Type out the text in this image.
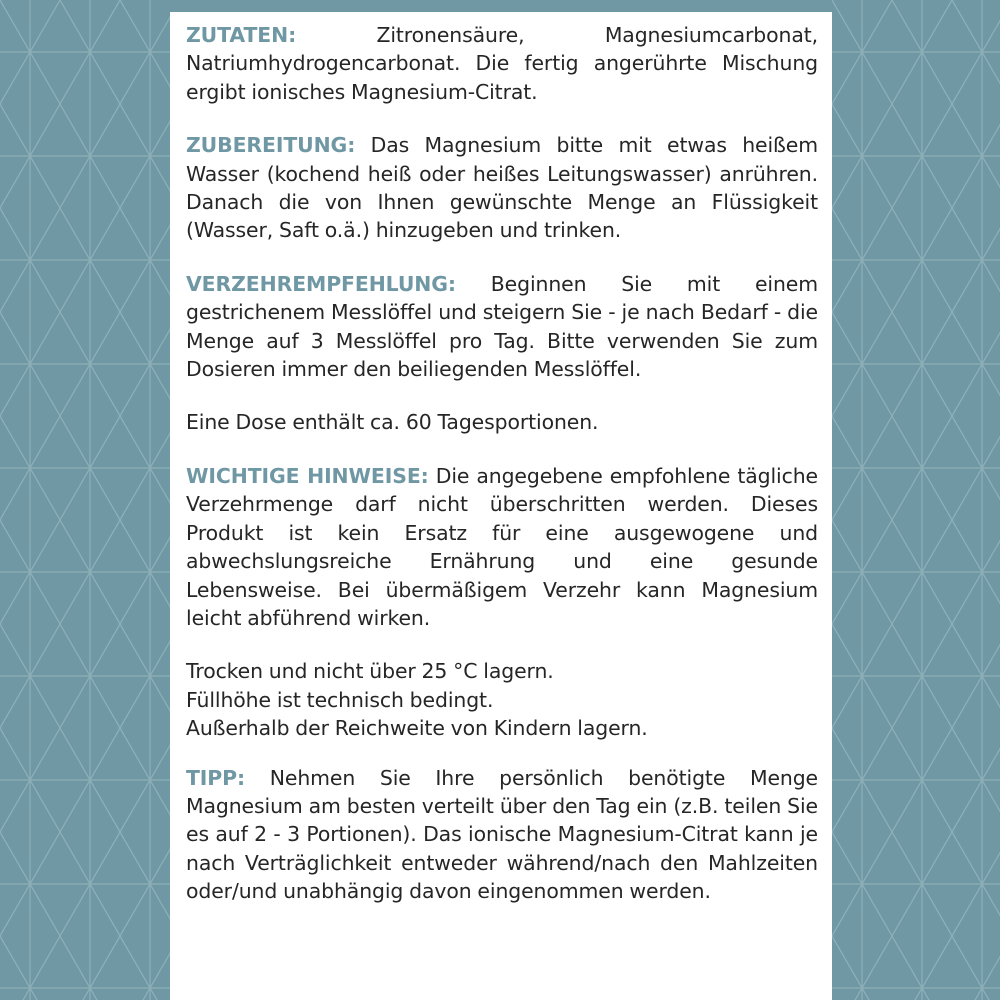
ZUTATEN: Zitronensäure, Magnesiumcarbonat, Natriumhydrogencarbonat. Die fertig angerührte Mischung ergibt ionisches Magnesium-Citrat.

ZUBEREITUNG: Das Magnesium bitte mit etwas heißem Wasser (kochend heiß oder heißes Leitungswasser) anrühren. Danach die von Ihnen gewünschte Menge an Flüssigkeit (Wasser, Saft o.ä.) hinzugeben und trinken.

VERZEHREMPFEHLUNG: Beginnen Sie mit einem gestrichenem Messlöffel und steigern Sie - je nach Bedarf - die Menge auf 3 Messlöffel pro Tag. Bitte verwenden Sie zum Dosieren immer den beiliegenden Messlöffel.

Eine Dose enthält ca. 60 Tagesportionen.

WICHTIGE HINWEISE: Die angegebene empfohlene tägliche Verzehrmenge darf nicht überschritten werden. Dieses Produkt ist kein Ersatz für eine ausgewogene und abwechslungsreiche Ernährung und eine gesunde Lebensweise. Bei übermäßigem Verzehr kann Magnesium leicht abführend wirken.

Trocken und nicht über 25 °C lagern.
Füllhöhe ist technisch bedingt.
Außerhalb der Reichweite von Kindern lagern.

TIPP: Nehmen Sie Ihre persönlich benötigte Menge Magnesium am besten verteilt über den Tag ein (z.B. teilen Sie es auf 2 - 3 Portionen). Das ionische Magnesium-Citrat kann je nach Verträglichkeit entweder während/nach den Mahlzeiten oder/und unabhängig davon eingenommen werden.
